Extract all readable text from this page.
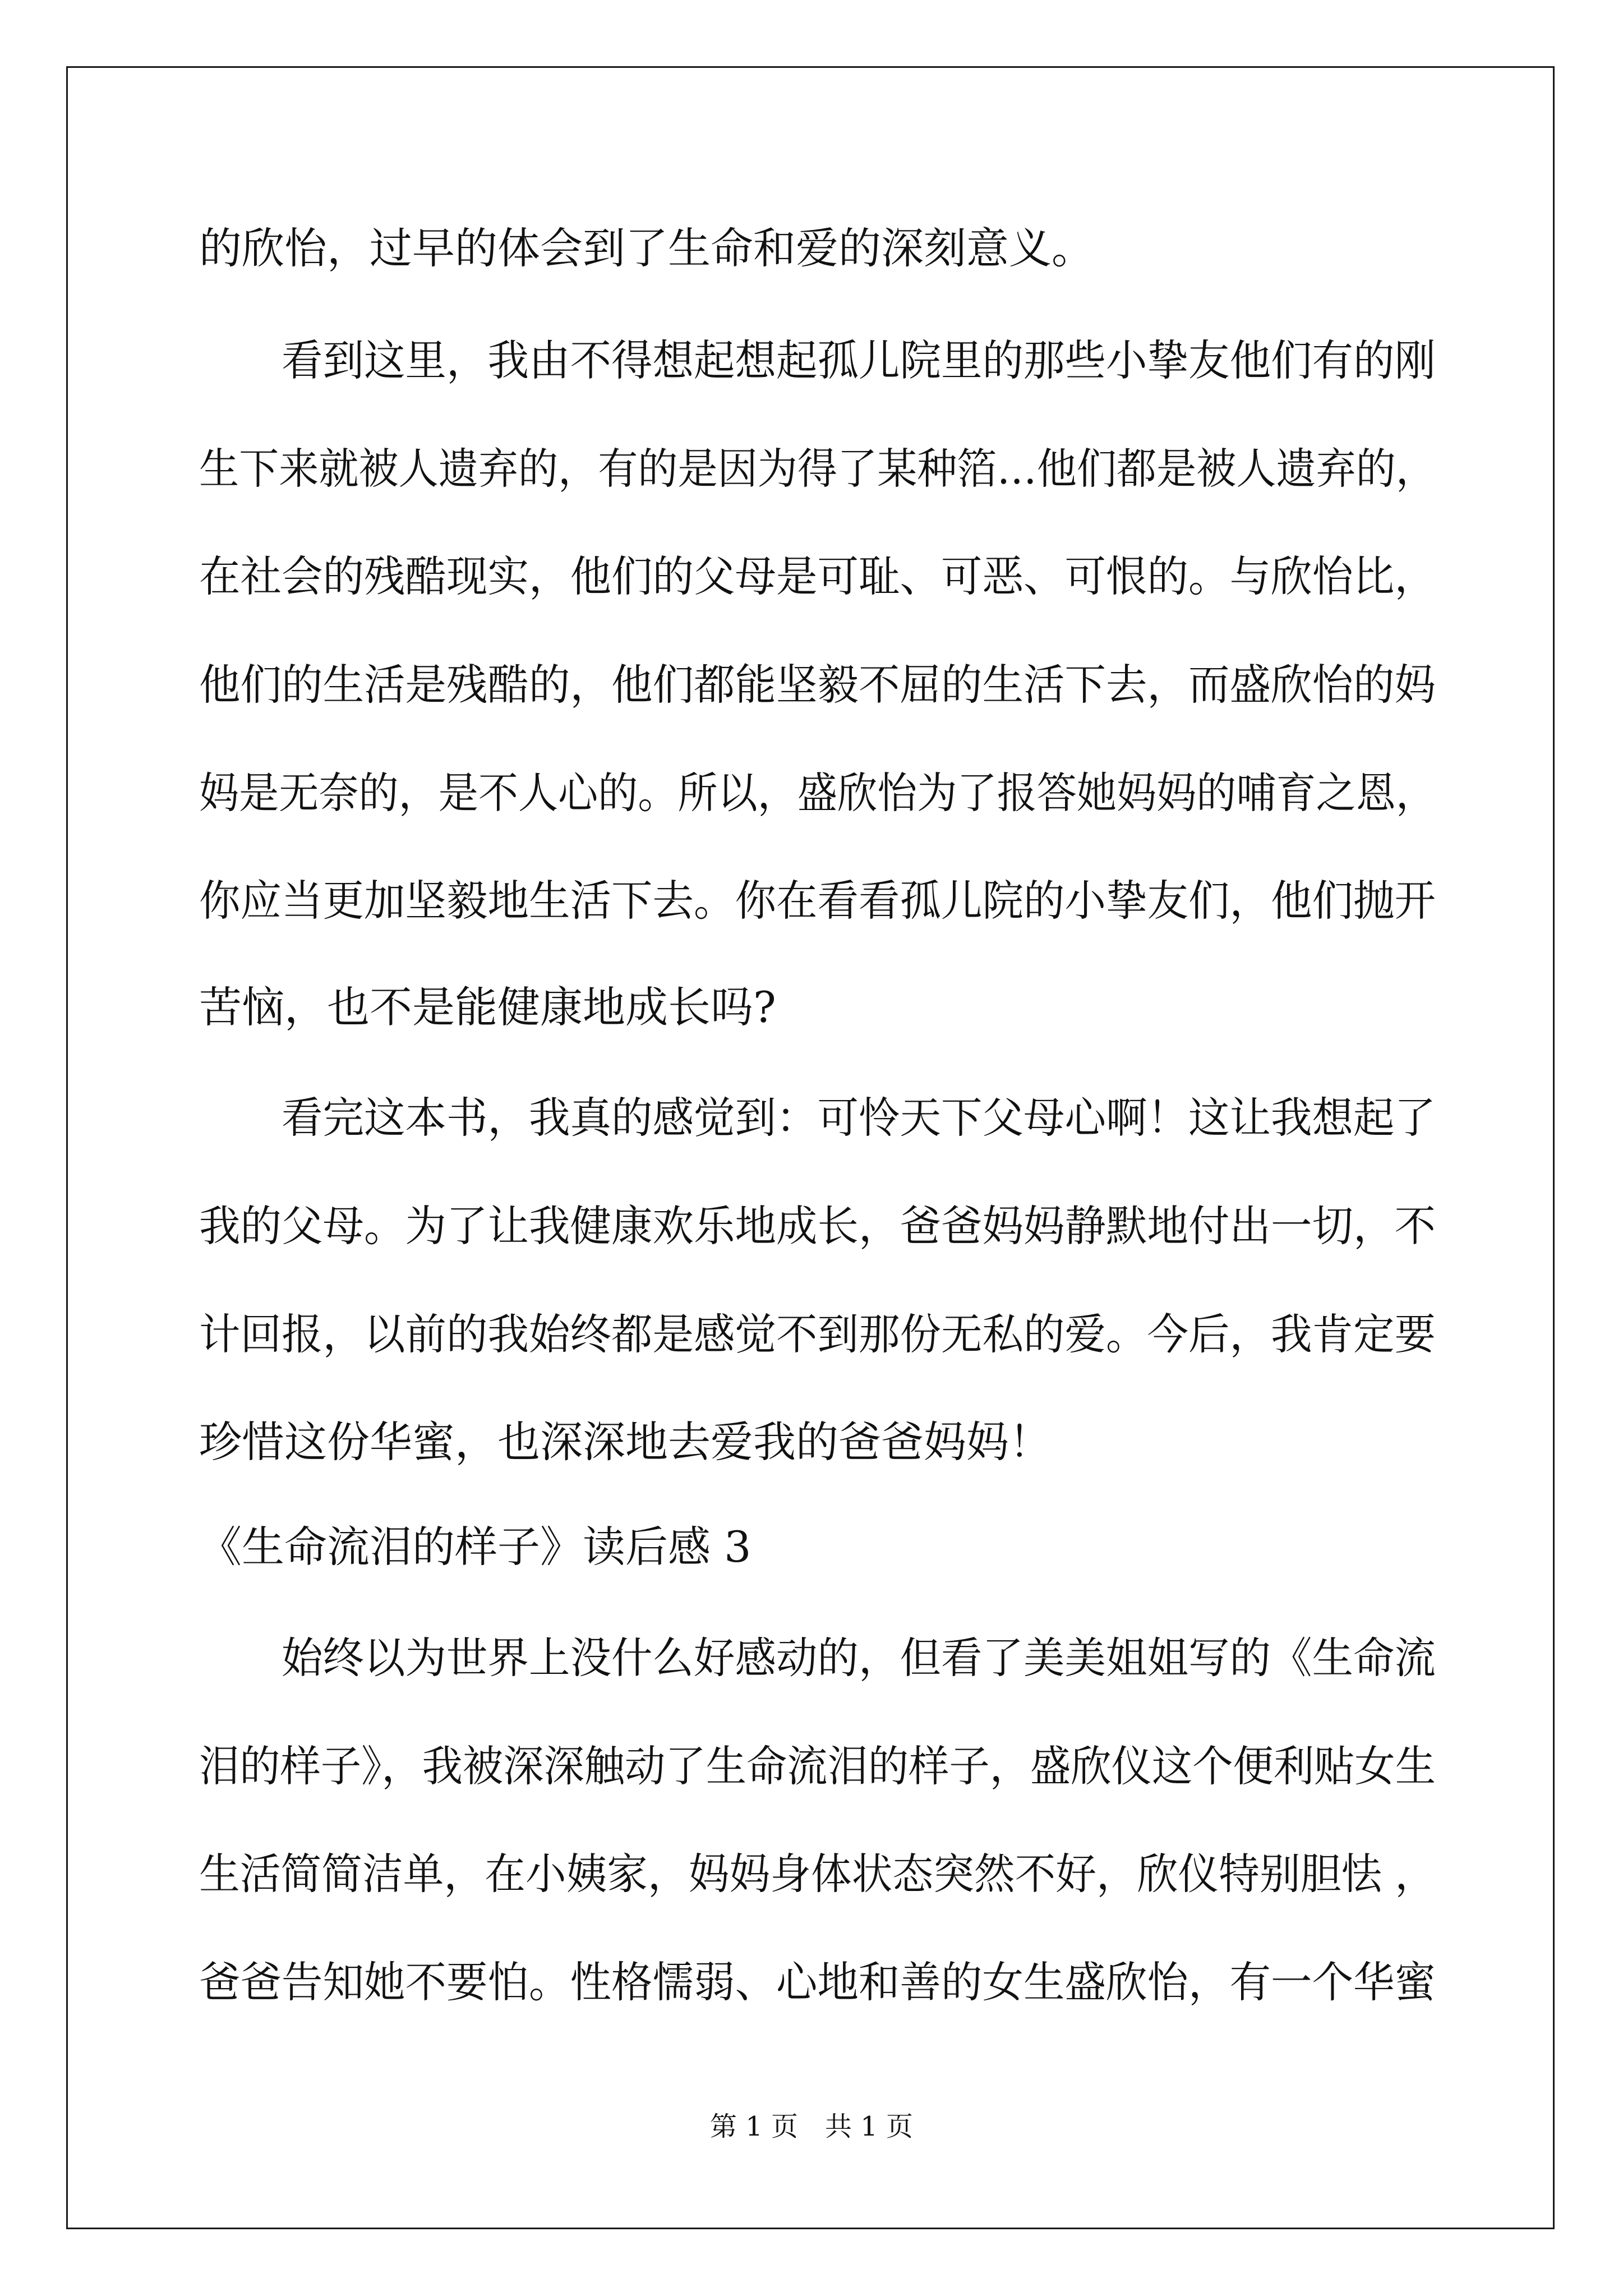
的欣怡，过早的体会到了生命和爱的深刻意义。
　　看到这里，我由不得想起想起孤儿院里的那些小挚友他们有的刚
生下来就被人遗弃的，有的是因为得了某种箔…他们都是被人遗弃的，
在社会的残酷现实，他们的父母是可耻、可恶、可恨的。与欣怡比，
他们的生活是残酷的，他们都能坚毅不屈的生活下去，而盛欣怡的妈
妈是无奈的，是不人心的。所以，盛欣怡为了报答她妈妈的哺育之恩，
你应当更加坚毅地生活下去。你在看看孤儿院的小挚友们，他们抛开
苦恼，也不是能健康地成长吗?
　　看完这本书，我真的感觉到：可怜天下父母心啊！这让我想起了
我的父母。为了让我健康欢乐地成长，爸爸妈妈静默地付出一切，不
计回报，以前的我始终都是感觉不到那份无私的爱。今后，我肯定要
珍惜这份华蜜，也深深地去爱我的爸爸妈妈！
《生命流泪的样子》读后感 3
　　始终以为世界上没什么好感动的，但看了美美姐姐写的《生命流
泪的样子》，我被深深触动了生命流泪的样子，盛欣仪这个便利贴女生
生活简简洁单，在小姨家，妈妈身体状态突然不好，欣仪特别胆怯 ，
爸爸告知她不要怕。性格懦弱、心地和善的女生盛欣怡，有一个华蜜
第 1 页　共 1 页
